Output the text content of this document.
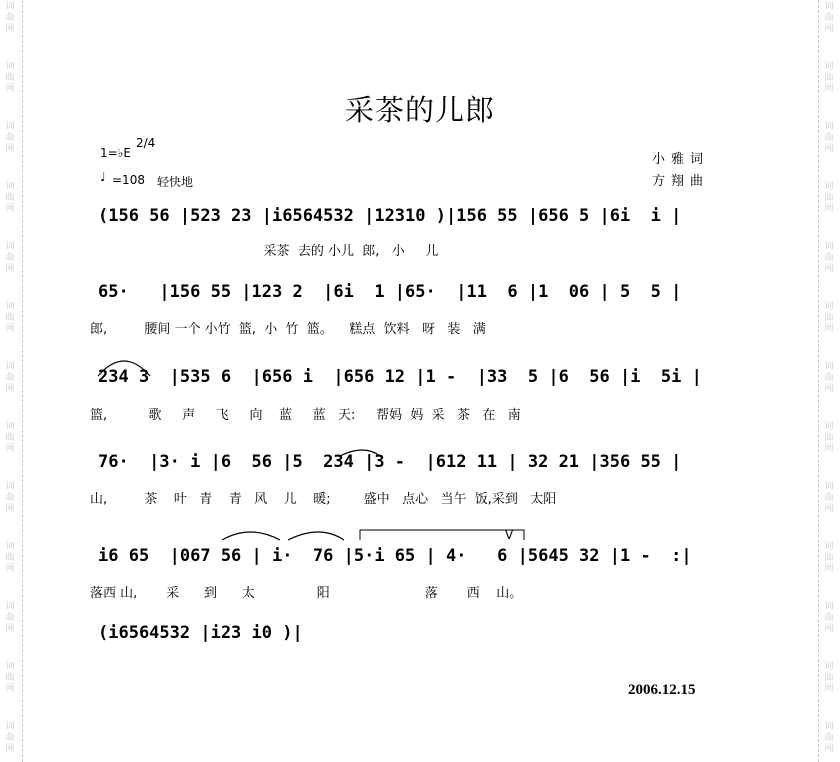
词
曲
网
词
曲
网
词
曲
网
词
曲
网
词
曲
网
词
曲
网
词
曲
网
词
曲
网
词
曲
网
词
曲
网
词
曲
网
词
曲
网
词
曲
网
词
曲
网
词
曲
网
词
曲
网
词
曲
网
词
曲
网
词
曲
网
词
曲
网
词
曲
网
词
曲
网
词
曲
网
词
曲
网
词
曲
网
词
曲
网
采茶的儿郎
1=♭E
2/4
♩ =108 轻快地
小雅词
方翔曲
(156 56 |523 23 |i6564532 |12310 )|156 55 |656 5 |6i  i |
采茶  去的 小儿  郎,   小     儿
65·   |156 55 |123 2  |6i  1 |65·  |11  6 |1  06 | 5  5 |
郎,         腰间 一个 小竹  篮,  小  竹  篮。    糕点  饮料   呀   装   满
234 3  |535 6  |656 i  |656 12 |1 -  |33  5 |6  56 |i  5i |
篮,          歌     声     飞     向    蓝     蓝   天:     帮妈  妈  采   茶   在   南
76·  |3· i |6  56 |5  234 |3 -  |612 11 | 32 21 |356 55 |
山,         茶    叶   青    青   风    儿    暖;        盛中   点心   当午  饭,采到   太阳
i6 65  |067 56 | i·  76 |5·i 65 | 4·   6 |5645 32 |1 -  :|
落西 山,       采      到      太               阳                       落       西    山。
(i6564532 |i23 i0 )|
V
2006.12.15
